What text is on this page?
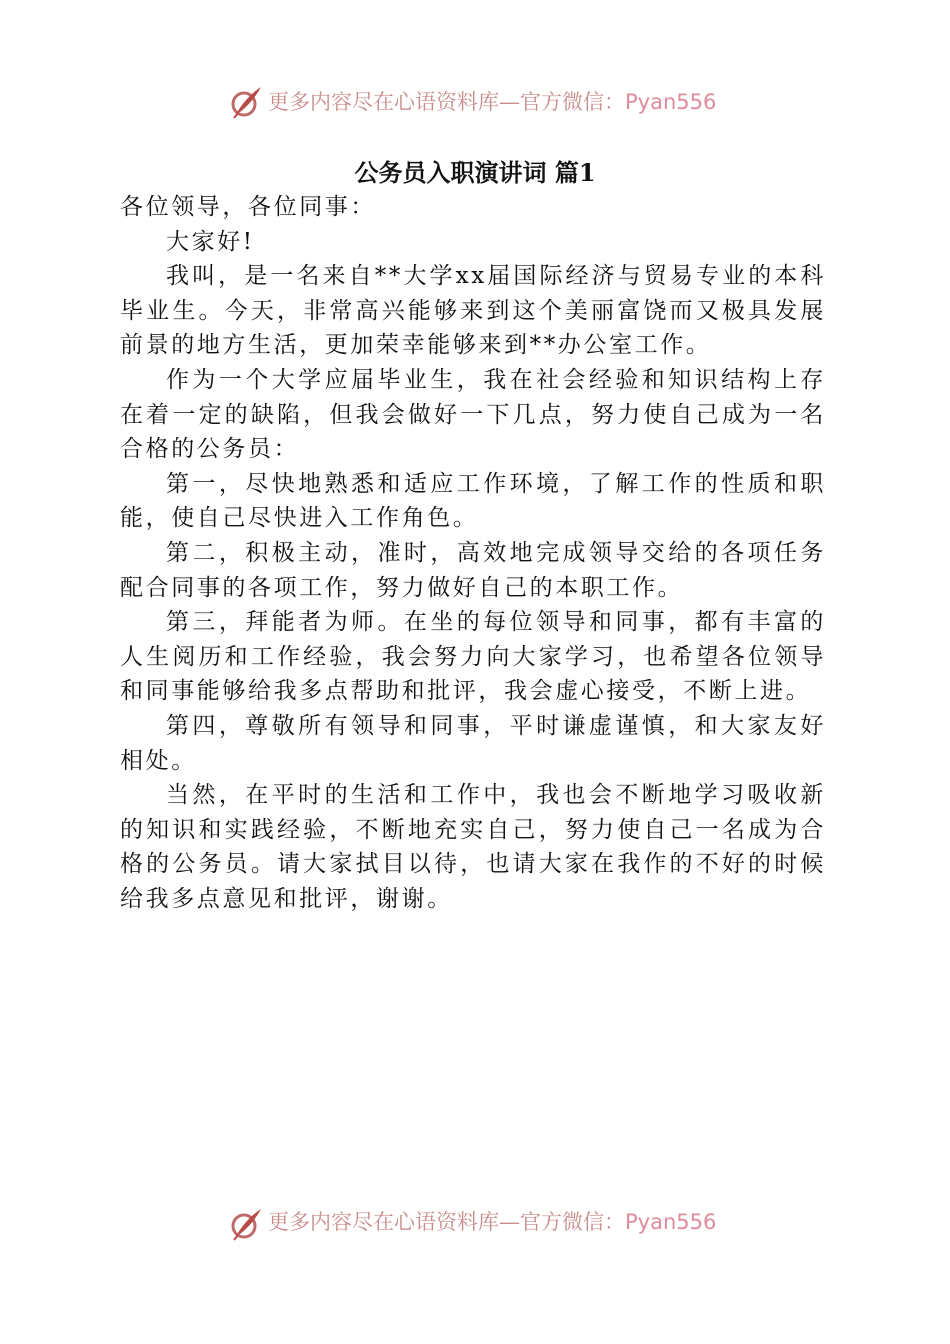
更多内容尽在心语资料库—官方微信：Pyan556
公务员入职演讲词 篇1

各位领导，各位同事：

大家好!

我叫，是一名来自**大学xx届国际经济与贸易专业的本科毕业生。今天，非常高兴能够来到这个美丽富饶而又极具发展前景的地方生活，更加荣幸能够来到**办公室工作。

作为一个大学应届毕业生，我在社会经验和知识结构上存在着一定的缺陷，但我会做好一下几点，努力使自己成为一名合格的公务员：

第一，尽快地熟悉和适应工作环境，了解工作的性质和职能，使自己尽快进入工作角色。

第二，积极主动，准时，高效地完成领导交给的各项任务配合同事的各项工作，努力做好自己的本职工作。

第三，拜能者为师。在坐的每位领导和同事，都有丰富的人生阅历和工作经验，我会努力向大家学习，也希望各位领导和同事能够给我多点帮助和批评，我会虚心接受，不断上进。

第四，尊敬所有领导和同事，平时谦虚谨慎，和大家友好相处。

当然，在平时的生活和工作中，我也会不断地学习吸收新的知识和实践经验，不断地充实自己，努力使自己一名成为合格的公务员。请大家拭目以待，也请大家在我作的不好的时候给我多点意见和批评，谢谢。

更多内容尽在心语资料库—官方微信：Pyan556
